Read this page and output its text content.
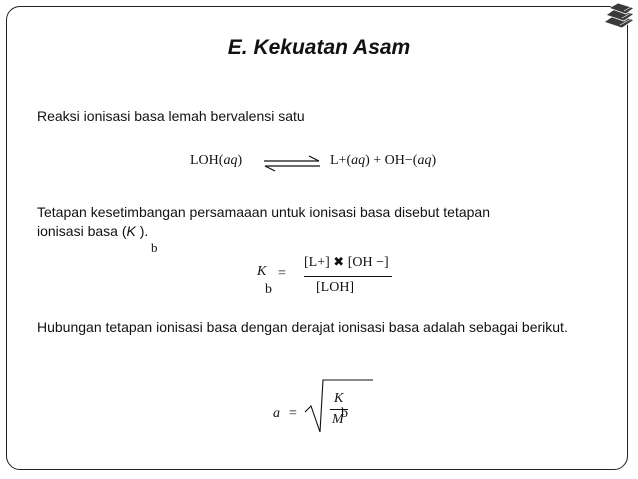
E. Kekuatan Asam
Reaksi ionisasi basa lemah bervalensi satu
LOH(aq) ⇌ L+(aq) + OH−(aq)
Tetapan kesetimbangan persamaaan untuk ionisasi basa disebut tetapan
ionisasi basa (K ).
b
K
b
=
[L+] ✖ [OH −]
[LOH]
Hubungan tetapan ionisasi basa dengan derajat ionisasi basa adalah sebagai berikut.
a =
K
M
b
